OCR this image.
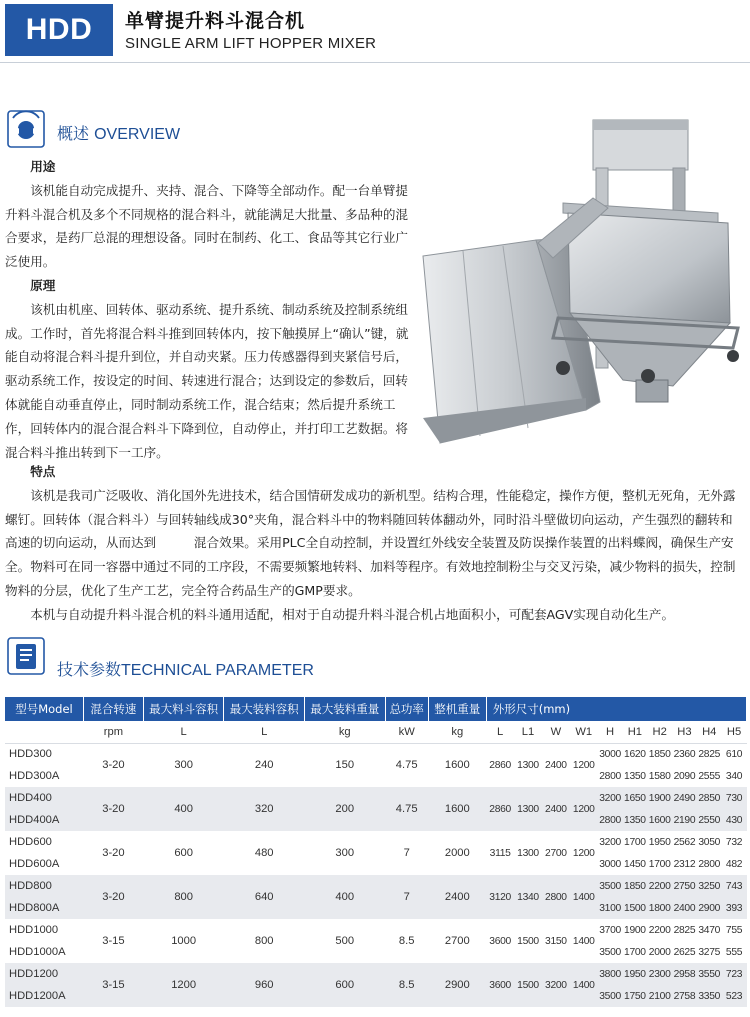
HDD	单臂提升料斗混合机
SINGLE ARM LIFT HOPPER MIXER
概述 OVERVIEW
用途

该机能自动完成提升、夹持、混合、下降等全部动作。配一台单臂提升料斗混合机及多个不同规格的混合料斗，就能满足大批量、多品种的混合要求，是药厂总混的理想设备。同时在制药、化工、食品等其它行业广泛使用。

原理

该机由机座、回转体、驱动系统、提升系统、制动系统及控制系统组成。工作时，首先将混合料斗推到回转体内，按下触摸屏上“确认”键，就能自动将混合料斗提升到位，并自动夹紧。压力传感器得到夹紧信号后，驱动系统工作，按设定的时间、转速进行混合；达到设定的参数后，回转体就能自动垂直停止，同时制动系统工作，混合结束；然后提升系统工作，回转体内的混合混合料斗下降到位，自动停止，并打印工艺数据。将混合料斗推出转到下一工序。

特点

该机是我司广泛吸收、消化国外先进技术，结合国情研发成功的新机型。结构合理，性能稳定，操作方便，整机无死角，无外露螺钉。回转体（混合料斗）与回转轴线成30°夹角，混合料斗中的物料随回转体翻动外，同时沿斗壁做切向运动，产生强烈的翻转和高速的切向运动，从而达到　　　混合效果。采用PLC全自动控制，并设置红外线安全装置及防误操作装置的出料蝶阀，确保生产安全。物料可在同一容器中通过不同的工序段，不需要频繁地转料、加料等程序。有效地控制粉尘与交叉污染，减少物料的损失，控制物料的分层，优化了生产工艺，完全符合药品生产的GMP要求。

本机与自动提升料斗混合机的料斗通用适配，相对于自动提升料斗混合机占地面积小，可配套AGV实现自动化生产。

技术参数TECHNICAL PARAMETER
型号Model	混合转速	最大料斗容积	最大装料容积	最大装料重量	总功率	整机重量	外形尺寸(mm)									
	rpm	L	L	kg	kW	kg	L	L1	W	W1	H	H1	H2	H3	H4	H5
HDD300	3-20	300	240	150	4.75	1600	2860	1300	2400	1200	3000	1620	1850	2360	2825	610
HDD300A											2800	1350	1580	2090	2555	340
HDD400	3-20	400	320	200	4.75	1600	2860	1300	2400	1200	3200	1650	1900	2490	2850	730
HDD400A											2800	1350	1600	2190	2550	430
HDD600	3-20	600	480	300	7	2000	3115	1300	2700	1200	3200	1700	1950	2562	3050	732
HDD600A											3000	1450	1700	2312	2800	482
HDD800	3-20	800	640	400	7	2400	3120	1340	2800	1400	3500	1850	2200	2750	3250	743
HDD800A											3100	1500	1800	2400	2900	393
HDD1000	3-15	1000	800	500	8.5	2700	3600	1500	3150	1400	3700	1900	2200	2825	3470	755
HDD1000A											3500	1700	2000	2625	3275	555
HDD1200	3-15	1200	960	600	8.5	2900	3600	1500	3200	1400	3800	1950	2300	2958	3550	723
HDD1200A											3500	1750	2100	2758	3350	523
